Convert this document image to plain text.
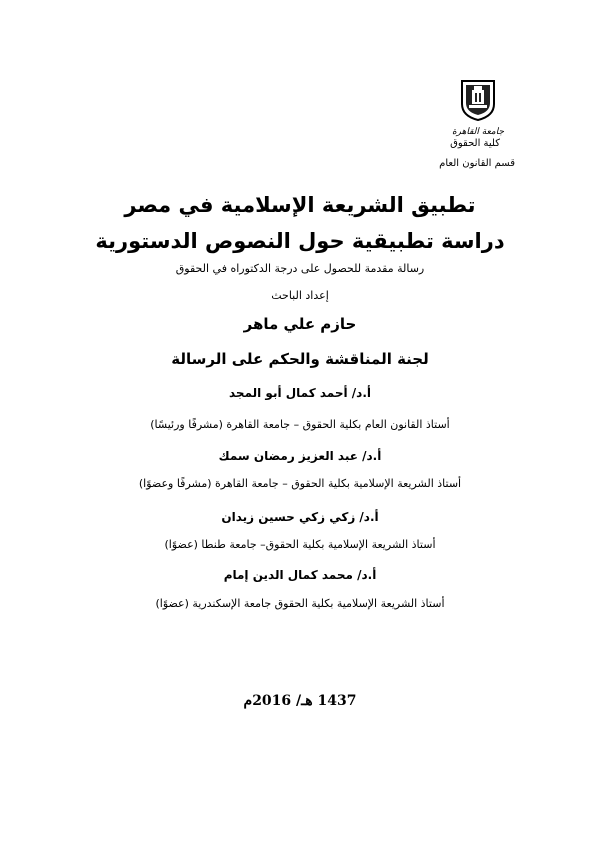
جامعة القاهرة
كلية الحقوق
قسم القانون العام
تطبيق الشريعة الإسلامية في مصر
دراسة تطبيقية حول النصوص الدستورية
رسالة مقدمة للحصول على درجة الدكتوراه في الحقوق
إعداد الباحث
حازم علي ماهر
لجنة المناقشة والحكم على الرسالة
أ.د/ أحمد كمال أبو المجد
أستاذ القانون العام بكلية الحقوق – جامعة القاهرة (مشرفًا ورئيسًا)
أ.د/ عبد العزيز رمضان سمك
أستاذ الشريعة الإسلامية بكلية الحقوق – جامعة القاهرة (مشرفًا وعضوًا)
أ.د/ زكي زكي حسين زيدان
أستاذ الشريعة الإسلامية بكلية الحقوق– جامعة طنطا (عضوًا)
أ.د/ محمد كمال الدين إمام
أستاذ الشريعة الإسلامية بكلية الحقوق جامعة الإسكندرية (عضوًا)
1437 هـ/ 2016م
